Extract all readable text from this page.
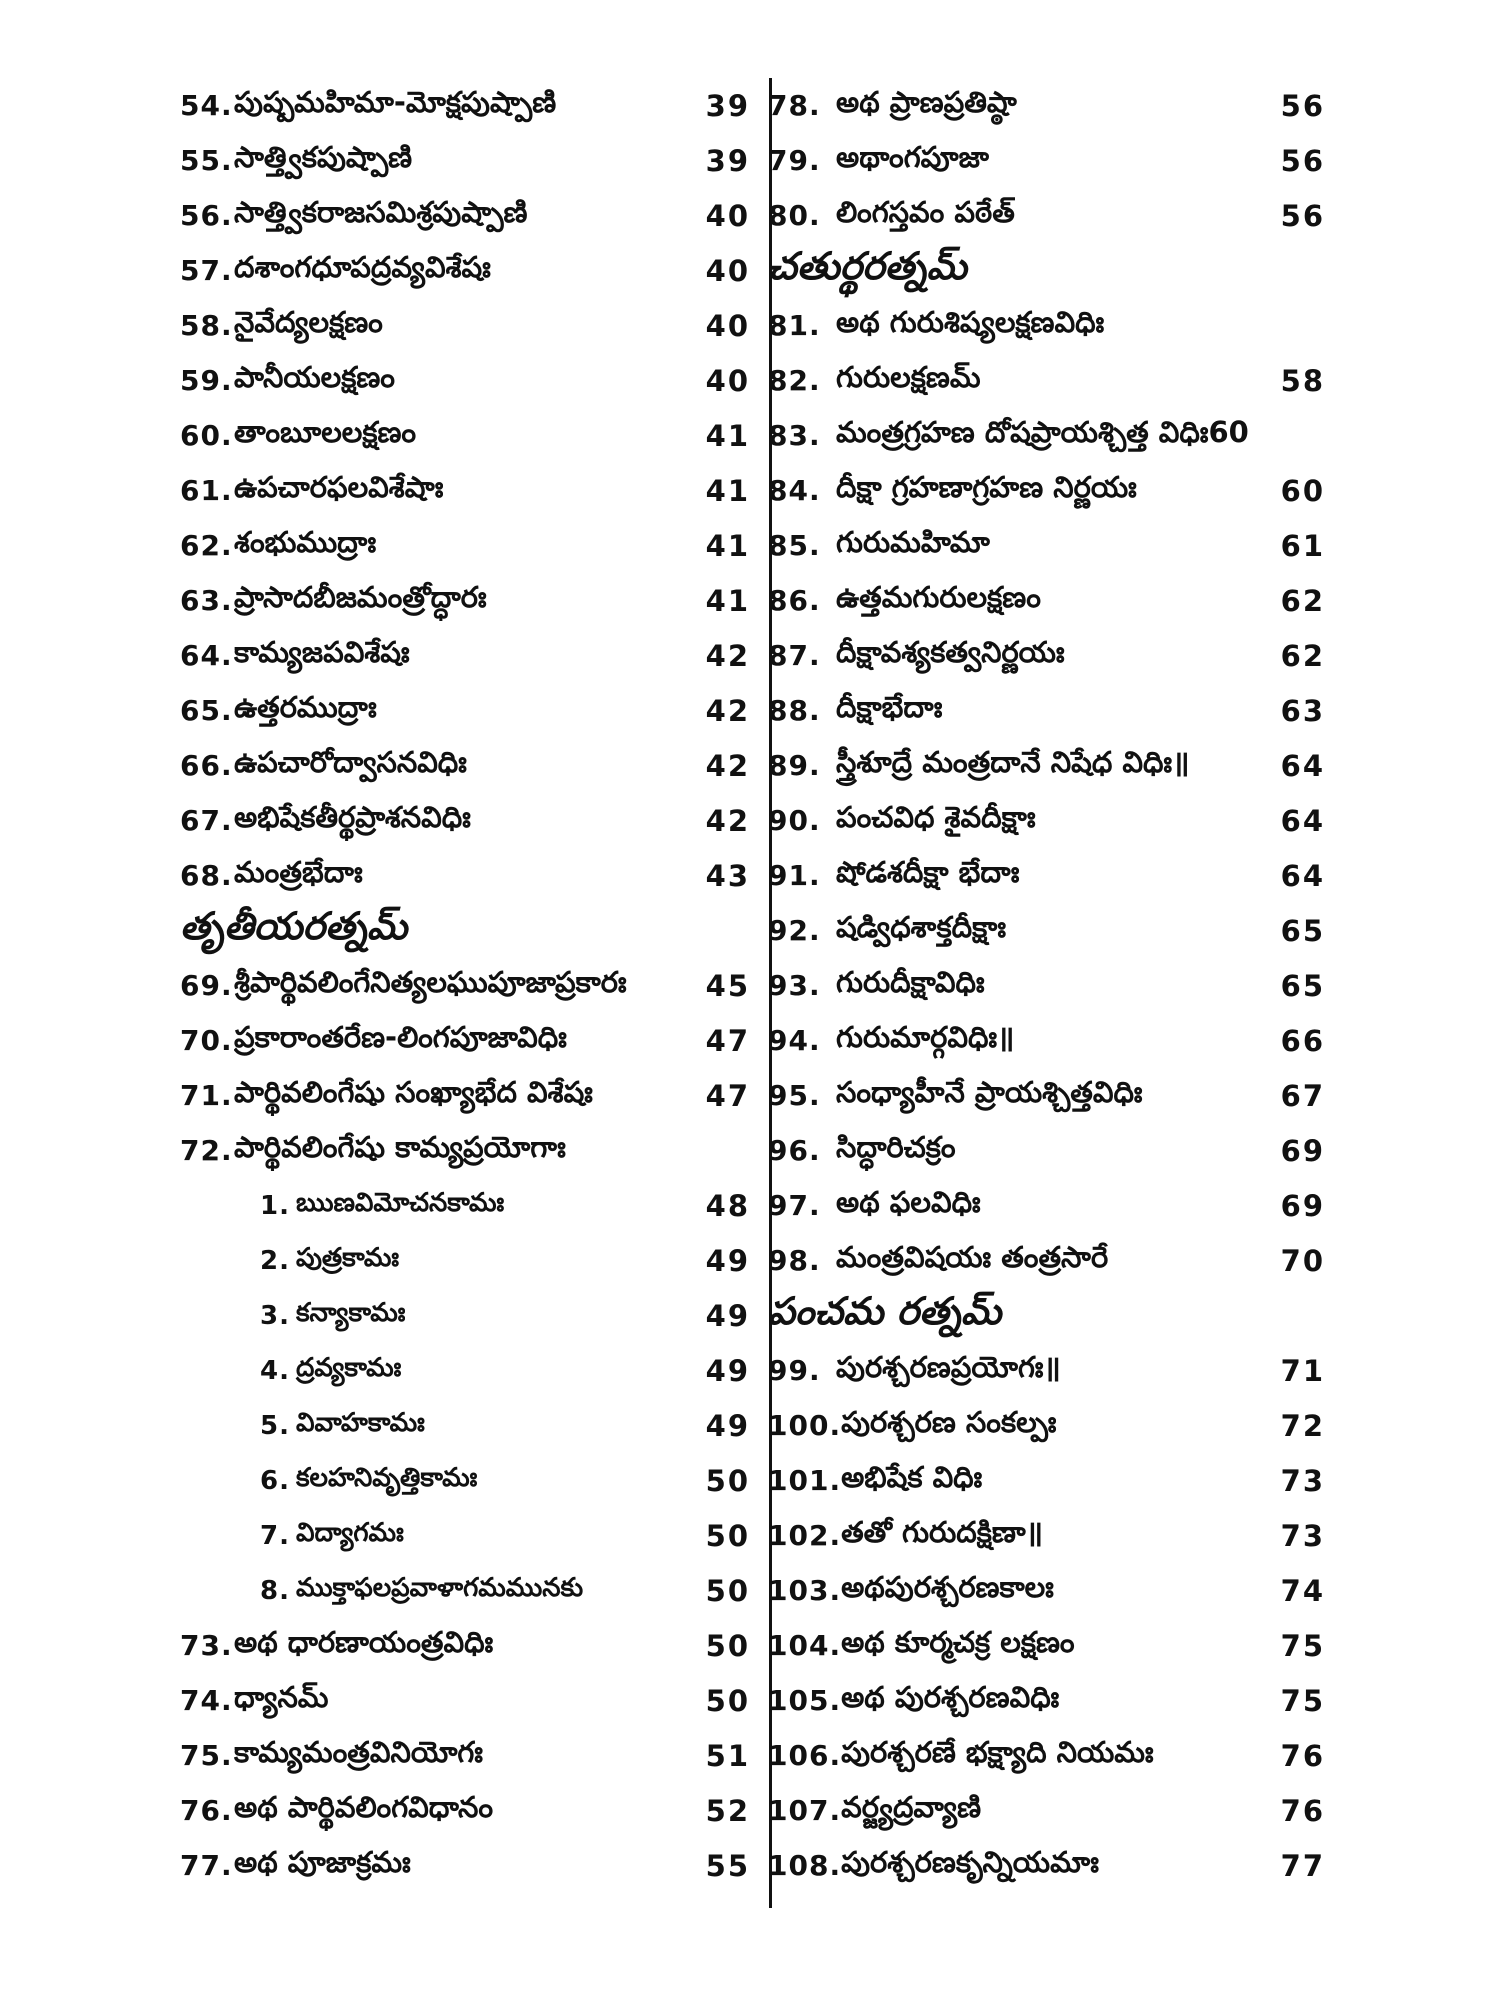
54. పుష్పమహిమా-మోక్షపుష్పాణి	39
55. సాత్త్వికపుష్పాణి	39
56. సాత్త్వికరాజసమిశ్రపుష్పాణి	40
57. దశాంగధూపద్రవ్యవిశేషః	40
58. నైవేద్యలక్షణం	40
59. పానీయలక్షణం	40
60. తాంబూలలక్షణం	41
61. ఉపచారఫలవిశేషాః	41
62. శంభుముద్రాః	41
63. ప్రాసాదబీజమంత్రోద్ధారః	41
64. కామ్యజపవిశేషః	42
65. ఉత్తరముద్రాః	42
66. ఉపచారోద్వాసనవిధిః	42
67. అభిషేకతీర్థప్రాశనవిధిః	42
68. మంత్రభేదాః	43
తృతీయరత్నమ్
69. శ్రీపార్థివలింగేనిత్యలఘుపూజాప్రకారః	45
70. ప్రకారాంతరేణ-లింగపూజావిధిః	47
71. పార్థివలింగేషు సంఖ్యాభేద విశేషః	47
72. పార్థివలింగేషు కామ్యప్రయోగాః
1. ఋణవిమోచనకామః	48
2. పుత్రకామః	49
3. కన్యాకామః	49
4. ద్రవ్యకామః	49
5. వివాహకామః	49
6. కలహనివృత్తికామః	50
7. విద్యాగమః	50
8. ముక్తాఫలప్రవాళాగమమునకు	50
73. అథ ధారణాయంత్రవిధిః	50
74. ధ్యానమ్	50
75. కామ్యమంత్రవినియోగః	51
76. అథ పార్థివలింగవిధానం	52
77. అథ పూజాక్రమః	55
78. అథ ప్రాణప్రతిష్ఠా	56
79. అథాంగపూజా	56
80. లింగస్తవం పఠేత్	56
చతుర్థరత్నమ్
81. అథ గురుశిష్యలక్షణవిధిః
82. గురులక్షణమ్	58
83. మంత్రగ్రహణ దోషప్రాయశ్చిత్త విధిః60
84. దీక్షా గ్రహణాగ్రహణ నిర్ణయః	60
85. గురుమహిమా	61
86. ఉత్తమగురులక్షణం	62
87. దీక్షావశ్యకత్వనిర్ణయః	62
88. దీక్షాభేదాః	63
89. స్త్రీశూద్రే మంత్రదానే నిషేధ విధిః॥	64
90. పంచవిధ శైవదీక్షాః	64
91. షోడశదీక్షా భేదాః	64
92. షడ్విధశాక్తదీక్షాః	65
93. గురుదీక్షావిధిః	65
94. గురుమార్గవిధిః॥	66
95. సంధ్యాహీనే ప్రాయశ్చిత్తవిధిః	67
96. సిద్ధారిచక్రం	69
97. అథ ఫలవిధిః	69
98. మంత్రవిషయః తంత్రసారే	70
పంచమ రత్నమ్
99. పురశ్చరణప్రయోగః॥	71
100. పురశ్చరణ సంకల్పః	72
101. అభిషేక విధిః	73
102. తతో గురుదక్షిణా॥	73
103. అథపురశ్చరణకాలః	74
104. అథ కూర్మచక్ర లక్షణం	75
105. అథ పురశ్చరణవిధిః	75
106. పురశ్చరణే భక్ష్యాది నియమః	76
107. వర్జ్యద్రవ్యాణి	76
108. పురశ్చరణకృన్నియమాః	77
